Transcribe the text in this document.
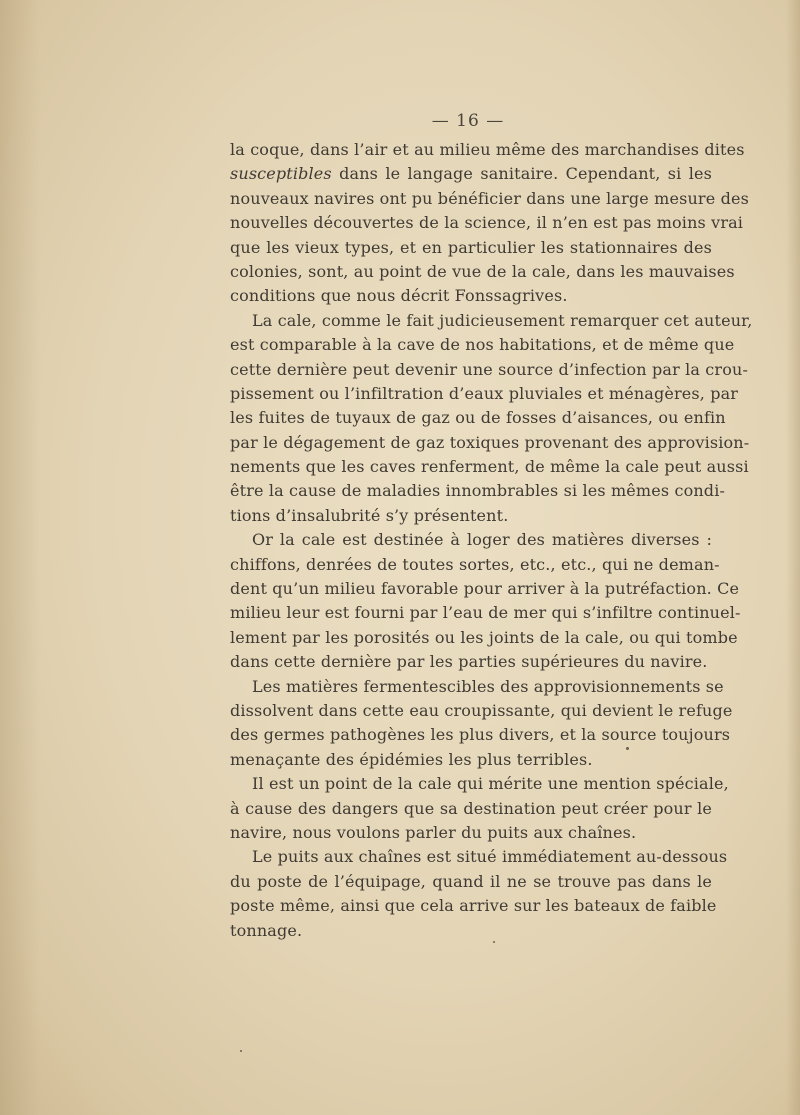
— 16 —
la coque, dans l’air et au milieu même des marchandises dites
susceptibles dans le langage sanitaire. Cependant, si les
nouveaux navires ont pu bénéficier dans une large mesure des
nouvelles découvertes de la science, il n’en est pas moins vrai
que les vieux types, et en particulier les stationnaires des
colonies, sont, au point de vue de la cale, dans les mauvaises
conditions que nous décrit Fonssagrives.
La cale, comme le fait judicieusement remarquer cet auteur,
est comparable à la cave de nos habitations, et de même que
cette dernière peut devenir une source d’infection par la crou-
pissement ou l’infiltration d’eaux pluviales et ménagères, par
les fuites de tuyaux de gaz ou de fosses d’aisances, ou enfin
par le dégagement de gaz toxiques provenant des approvision-
nements que les caves renferment, de même la cale peut aussi
être la cause de maladies innombrables si les mêmes condi-
tions d’insalubrité s’y présentent.
Or la cale est destinée à loger des matières diverses :
chiffons, denrées de toutes sortes, etc., etc., qui ne deman-
dent qu’un milieu favorable pour arriver à la putréfaction. Ce
milieu leur est fourni par l’eau de mer qui s’infiltre continuel-
lement par les porosités ou les joints de la cale, ou qui tombe
dans cette dernière par les parties supérieures du navire.
Les matières fermentescibles des approvisionnements se
dissolvent dans cette eau croupissante, qui devient le refuge
des germes pathogènes les plus divers, et la source toujours
menaçante des épidémies les plus terribles.
Il est un point de la cale qui mérite une mention spéciale,
à cause des dangers que sa destination peut créer pour le
navire, nous voulons parler du puits aux chaînes.
Le puits aux chaînes est situé immédiatement au-dessous
du poste de l’équipage, quand il ne se trouve pas dans le
poste même, ainsi que cela arrive sur les bateaux de faible
tonnage.
